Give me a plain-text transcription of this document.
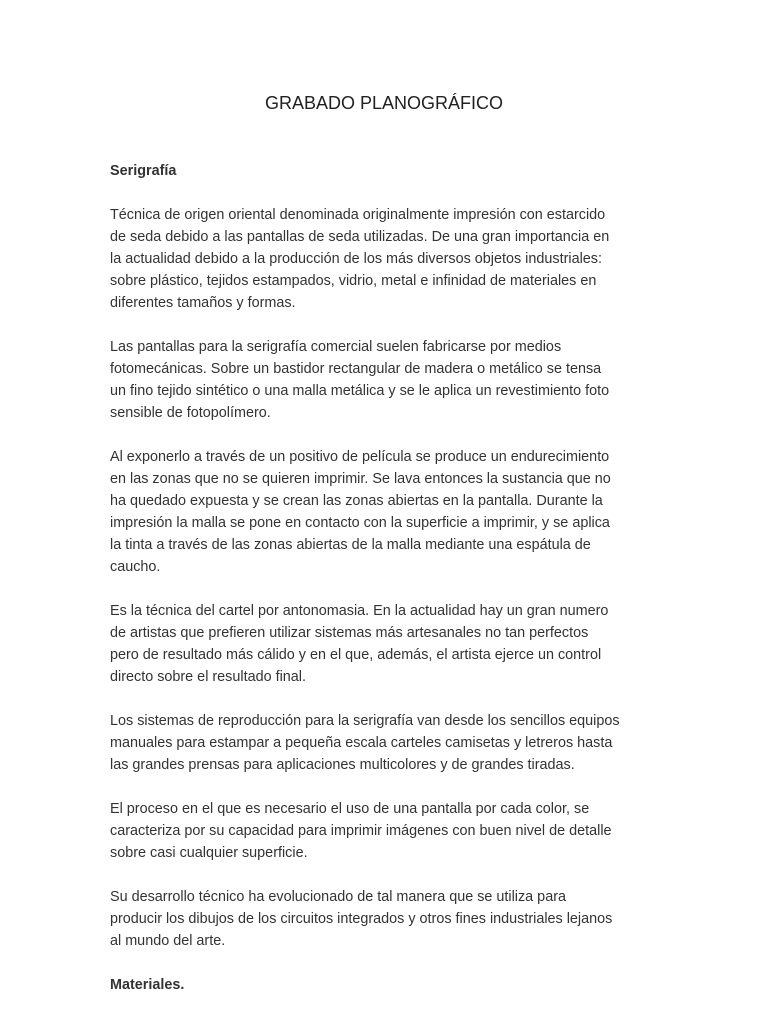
GRABADO PLANOGRÁFICO

Serigrafía

Técnica de origen oriental denominada originalmente impresión con estarcido
de seda debido a las pantallas de seda utilizadas. De una gran importancia en
la actualidad debido a la producción de los más diversos objetos industriales:
sobre plástico, tejidos estampados, vidrio, metal e infinidad de materiales en
diferentes tamaños y formas.

Las pantallas para la serigrafía comercial suelen fabricarse por medios
fotomecánicas. Sobre un bastidor rectangular de madera o metálico se tensa
un fino tejido sintético o una malla metálica y se le aplica un revestimiento foto
sensible de fotopolímero.

Al exponerlo a través de un positivo de película se produce un endurecimiento
en las zonas que no se quieren imprimir. Se lava entonces la sustancia que no
ha quedado expuesta y se crean las zonas abiertas en la pantalla. Durante la
impresión la malla se pone en contacto con la superficie a imprimir, y se aplica
la tinta a través de las zonas abiertas de la malla mediante una espátula de
caucho.

Es la técnica del cartel por antonomasia. En la actualidad hay un gran numero
de artistas que prefieren utilizar sistemas más artesanales no tan perfectos
pero de resultado más cálido y en el que, además, el artista ejerce un control
directo sobre el resultado final.

Los sistemas de reproducción para la serigrafía van desde los sencillos equipos
manuales para estampar a pequeña escala carteles camisetas y letreros hasta
las grandes prensas para aplicaciones multicolores y de grandes tiradas.

El proceso en el que es necesario el uso de una pantalla por cada color, se
caracteriza por su capacidad para imprimir imágenes con buen nivel de detalle
sobre casi cualquier superficie.

Su desarrollo técnico ha evolucionado de tal manera que se utiliza para
producir los dibujos de los circuitos integrados y otros fines industriales lejanos
al mundo del arte.

Materiales.
